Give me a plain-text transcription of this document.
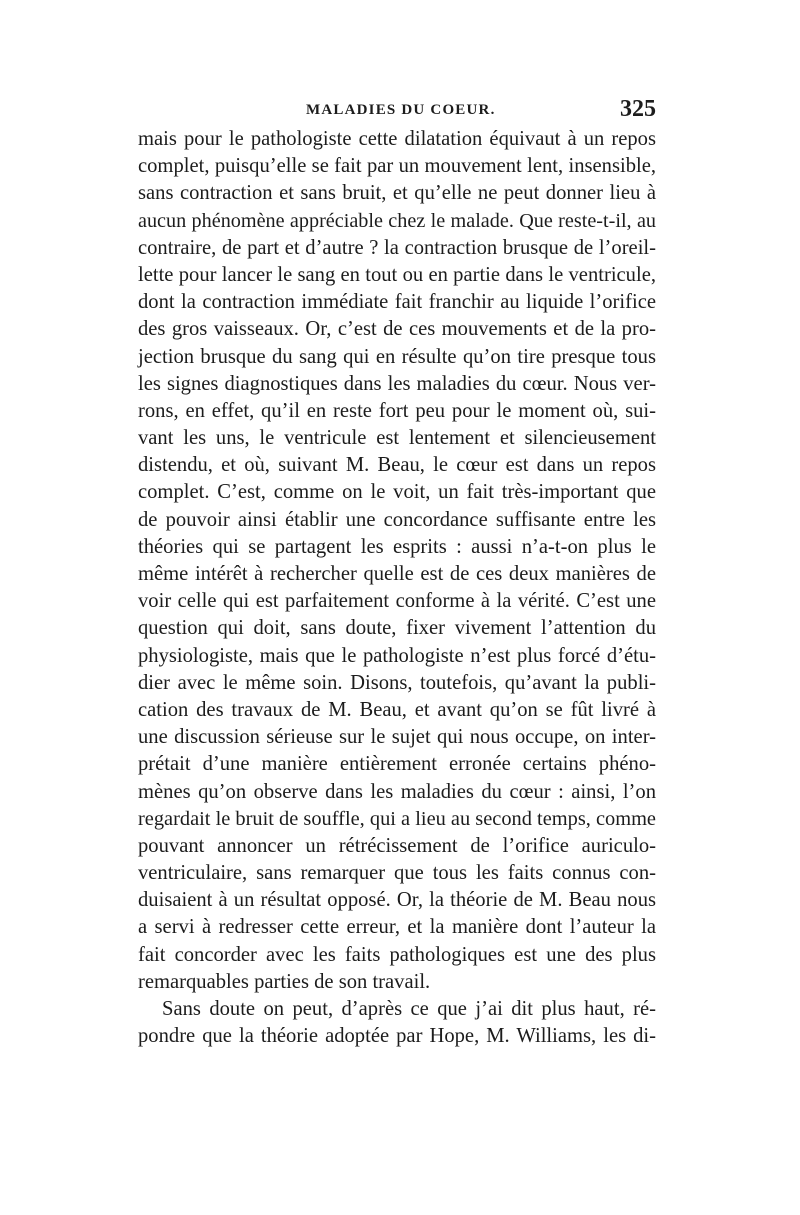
MALADIES DU COEUR.	325
mais pour le pathologiste cette dilatation équivaut à un repos
complet, puisqu’elle se fait par un mouvement lent, insensible,
sans contraction et sans bruit, et qu’elle ne peut donner lieu à
aucun phénomène appréciable chez le malade. Que reste-t-il, au
contraire, de part et d’autre ? la contraction brusque de l’oreil-
lette pour lancer le sang en tout ou en partie dans le ventricule,
dont la contraction immédiate fait franchir au liquide l’orifice
des gros vaisseaux. Or, c’est de ces mouvements et de la pro-
jection brusque du sang qui en résulte qu’on tire presque tous
les signes diagnostiques dans les maladies du cœur. Nous ver-
rons, en effet, qu’il en reste fort peu pour le moment où, sui-
vant les uns, le ventricule est lentement et silencieusement
distendu, et où, suivant M. Beau, le cœur est dans un repos
complet. C’est, comme on le voit, un fait très-important que
de pouvoir ainsi établir une concordance suffisante entre les
théories qui se partagent les esprits : aussi n’a-t-on plus le
même intérêt à rechercher quelle est de ces deux manières de
voir celle qui est parfaitement conforme à la vérité. C’est une
question qui doit, sans doute, fixer vivement l’attention du
physiologiste, mais que le pathologiste n’est plus forcé d’étu-
dier avec le même soin. Disons, toutefois, qu’avant la publi-
cation des travaux de M. Beau, et avant qu’on se fût livré à
une discussion sérieuse sur le sujet qui nous occupe, on inter-
prétait d’une manière entièrement erronée certains phéno-
mènes qu’on observe dans les maladies du cœur : ainsi, l’on
regardait le bruit de souffle, qui a lieu au second temps, comme
pouvant annoncer un rétrécissement de l’orifice auriculo-
ventriculaire, sans remarquer que tous les faits connus con-
duisaient à un résultat opposé. Or, la théorie de M. Beau nous
a servi à redresser cette erreur, et la manière dont l’auteur la
fait concorder avec les faits pathologiques est une des plus
remarquables parties de son travail.
Sans doute on peut, d’après ce que j’ai dit plus haut, ré-
pondre que la théorie adoptée par Hope, M. Williams, les di-
